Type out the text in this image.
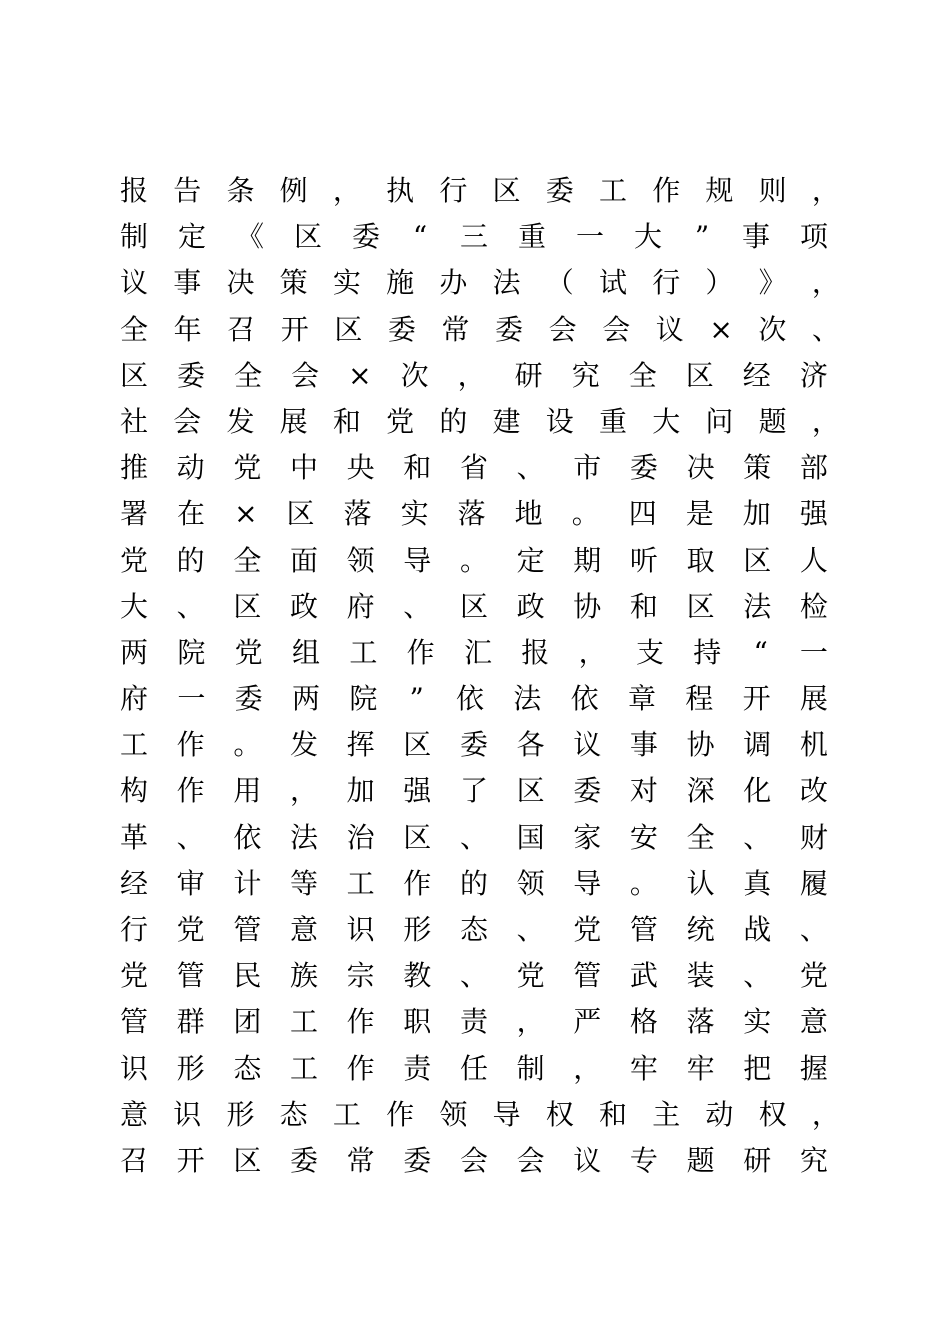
报 告 条 例 ， 执 行 区 委 工 作 规 则 ，
制 定 《 区 委 “ 三 重 一 大 ” 事 项
议 事 决 策 实 施 办 法 （ 试 行 ） 》 ，
全 年 召 开 区 委 常 委 会 会 议 × 次 、
区 委 全 会 × 次 ， 研 究 全 区 经 济
社 会 发 展 和 党 的 建 设 重 大 问 题 ，
推 动 党 中 央 和 省 、 市 委 决 策 部
署 在 × 区 落 实 落 地 。 四 是 加 强
党 的 全 面 领 导 。 定 期 听 取 区 人
大 、 区 政 府 、 区 政 协 和 区 法 检
两 院 党 组 工 作 汇 报 ， 支 持 “ 一
府 一 委 两 院 ” 依 法 依 章 程 开 展
工 作 。 发 挥 区 委 各 议 事 协 调 机
构 作 用 ， 加 强 了 区 委 对 深 化 改
革 、 依 法 治 区 、 国 家 安 全 、 财
经 审 计 等 工 作 的 领 导 。 认 真 履
行 党 管 意 识 形 态 、 党 管 统 战 、
党 管 民 族 宗 教 、 党 管 武 装 、 党
管 群 团 工 作 职 责 ， 严 格 落 实 意
识 形 态 工 作 责 任 制 ， 牢 牢 把 握
意 识 形 态 工 作 领 导 权 和 主 动 权 ，
召 开 区 委 常 委 会 会 议 专 题 研 究
